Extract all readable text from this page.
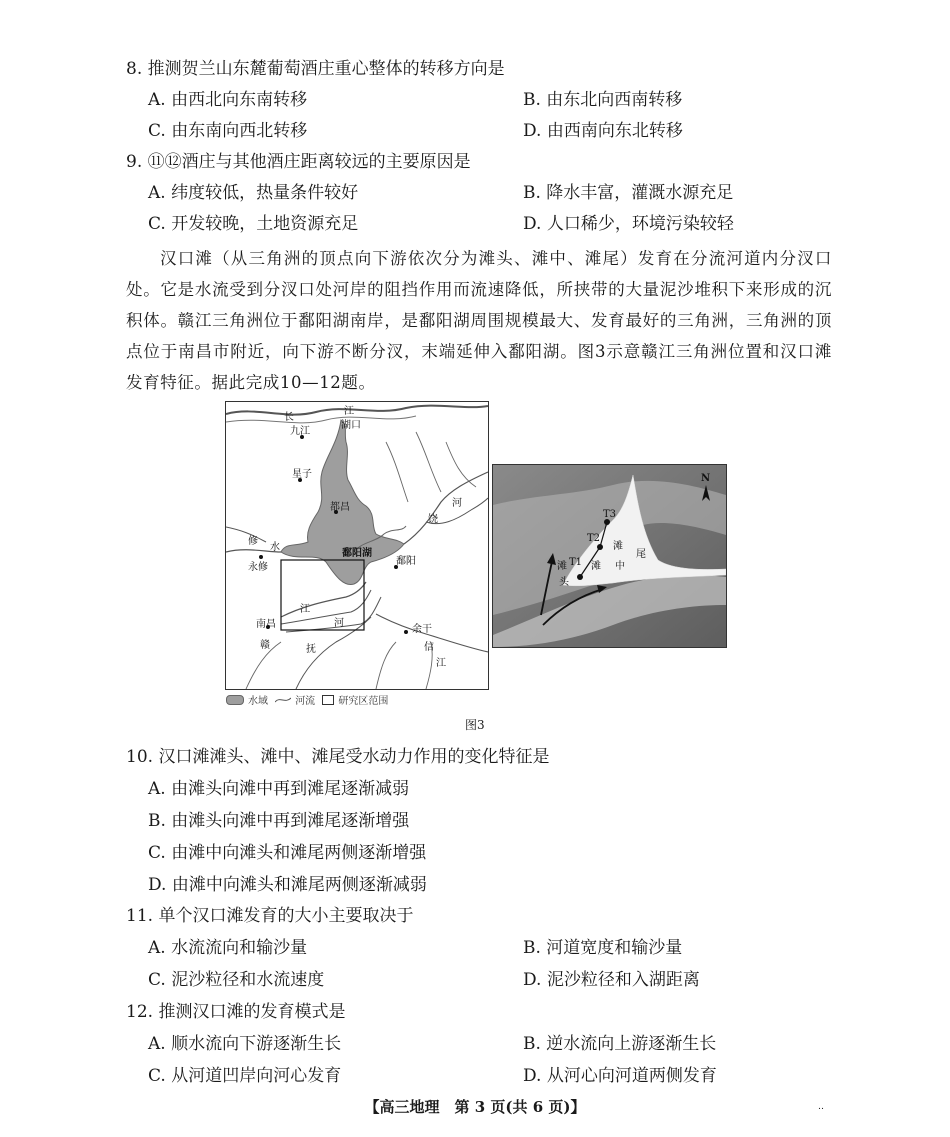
8. 推测贺兰山东麓葡萄酒庄重心整体的转移方向是
A. 由西北向东南转移	B. 由东北向西南转移
C. 由东南向西北转移	D. 由西南向东北转移
9. ⑪⑫酒庄与其他酒庄距离较远的主要原因是
A. 纬度较低，热量条件较好	B. 降水丰富，灌溉水源充足
C. 开发较晚，土地资源充足	D. 人口稀少，环境污染较轻
汉口滩（从三角洲的顶点向下游依次分为滩头、滩中、滩尾）发育在分流河道内分汊口处。它是水流受到分汊口处河岸的阻挡作用而流速降低，所挟带的大量泥沙堆积下来形成的沉积体。赣江三角洲位于鄱阳湖南岸，是鄱阳湖周围规模最大、发育最好的三角洲，三角洲的顶点位于南昌市附近，向下游不断分汊，末端延伸入鄱阳湖。图3示意赣江三角洲位置和汉口滩发育特征。据此完成10—12题。
长
江
湖口
九江
星子
都昌	河
饶
鄱阳湖
鄱阳
修
水
永修
江
河
南昌
赣	抚
余干
信
江
N
T1
T2
T3
滩
头
滩 中
滩
尾
水域	河流 研究区范围
图3
10. 汉口滩滩头、滩中、滩尾受水动力作用的变化特征是
A. 由滩头向滩中再到滩尾逐渐减弱
B. 由滩头向滩中再到滩尾逐渐增强
C. 由滩中向滩头和滩尾两侧逐渐增强
D. 由滩中向滩头和滩尾两侧逐渐减弱
11. 单个汉口滩发育的大小主要取决于
A. 水流流向和输沙量	B. 河道宽度和输沙量
C. 泥沙粒径和水流速度	D. 泥沙粒径和入湖距离
12. 推测汉口滩的发育模式是
A. 顺水流向下游逐渐生长	B. 逆水流向上游逐渐生长
C. 从河道凹岸向河心发育	D. 从河心向河道两侧发育
【高三地理　第 3 页(共 6 页)】	‥
